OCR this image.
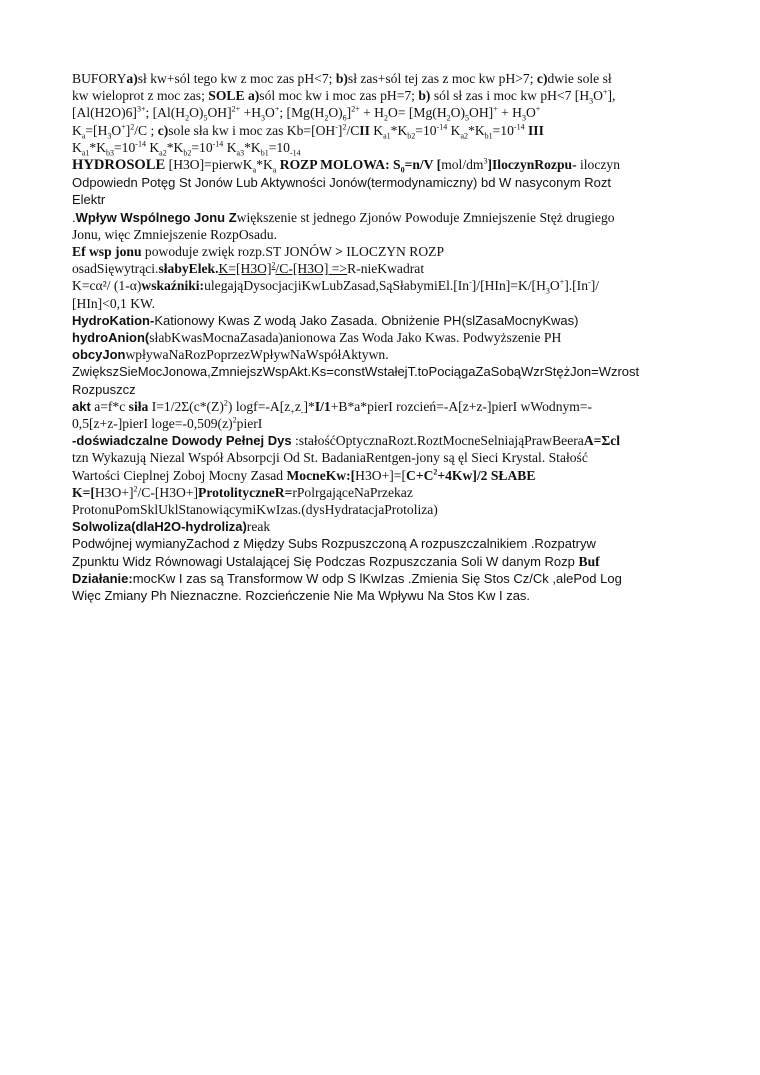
BUFORYa)sł kw+sól tego kw z moc zas pH<7; b)sł zas+sól tej zas z moc kw pH>7; c)dwie sole sł
kw wieloprot z moc zas; SOLE a)sól moc kw i moc zas pH=7; b) sól sł zas i moc kw pH<7 $[H_3O^+]$,
$[Al(H2O)6]^{3+}$; $[Al(H_2O)_5OH]^{2+} +H_3O^+$; $[Mg(H_2O)_6]^{2+} + H_2O= [Mg(H_2O)_5OH]^+ + H_3O^+$
$K_a=[H_3O^+]^2/C$ ; c)sole sła kw i moc zas $Kb=[OH^-]^2$/CII $K_{a1}*K_{b2}=10^{-14}$ $K_{a2}*K_{b1}=10^{-14}$ III
$K_{a1}*K_{b3}=10^{-14}$ $K_{a2}*K_{b2}=10^{-14}$ $K_{a3}*K_{b1}=10_{-14}$
HYDROSOLE $[H3O]=pierwK_a*K_a$ ROZP MOLOWA: $S_0=n/V$ $[mol/dm^3]IloczynRozpu-$ iloczyn
Odpowiedn Potęg St Jonów Lub Aktywności Jonów(termodynamiczny) bd W nasyconym Rozt
Elektr
.Wpływ Wspólnego Jonu Zwiększenie st jednego Zjonów Powoduje Zmniejszenie Stęż drugiego
Jonu, więc Zmniejszenie RozpOsadu.
Ef wsp jonu powoduje zwięk rozp.ST JONÓW > ILOCZYN ROZP
$osadSięwytrąci.słabyElek.K=[H3O]^2/C-[H3O]$ =>R-nieKwadrat
K=cα²/ $(1-\alpha)wskaźniki:ulegająDysocjacjiKwLubZasad,SąSłabymiEl.[In^-]/[HIn]=K/[H_3O^+].[In^-]/$
[HIn]<0,1 KW.
HydroKation-Kationowy Kwas Z wodą Jako Zasada. Obniżenie PH(slZasaMocnyKwas)
hydroAnion(słabKwasMocnaZasada)anionowa Zas Woda Jako Kwas. Podwyższenie PH
obcyJonwpływaNaRozPoprzezWpływNaWspółAktywn.
ZwiększSieMocJonowa,ZmniejszWspAkt.Ks=constWstałejT.toPociągaZaSobąWzrStężJon=Wzrost
Rozpuszcz
akt a=f*c siła $I=1/2\Sigma(c*(Z)^2)$ $\log f=-A[z_+z_-]*I/1+B*a*pierI$ rozcień=-A[z+z-]pierI wWodnym=-
0,5[z+z-]pierI $\log e=-0,509(z)^2pierI$
-doświadczalne Dowody Pełnej Dys :stałośćOptycznaRozt.RoztMocneSelniająPrawBeeraA=Σcl
tzn Wykazują Niezal Współ Absorpcji Od St. BadaniaRentgen-jony są ęl Sieci Krystal. Stałość
Wartości Cieplnej Zoboj Mocny Zasad $MocneKw:[H3O+]=[C+C^2+4Kw]/2$ SŁABE
$K=[H3O+]^2/C-[H3O+]ProtolityczneR=rPolrgająceNaPrzekaz$
ProtonuPomSklUklStanowiącymiKwIzas.(dysHydratacjaProtoliza)
Solwoliza(dlaH2O-hydroliza)reak
Podwójnej wymianyZachod z Między Subs Rozpuszczoną A rozpuszczalnikiem .Rozpatryw
Zpunktu Widz Równowagi Ustalającej Się Podczas Rozpuszczania Soli W danym Rozp Buf
Działanie:mocKw I zas są Transformow W odp S lKwIzas .Zmienia Się Stos Cz/Ck ,alePod Log
Więc Zmiany Ph Nieznaczne. Rozcieńczenie Nie Ma Wpływu Na Stos Kw I zas.
